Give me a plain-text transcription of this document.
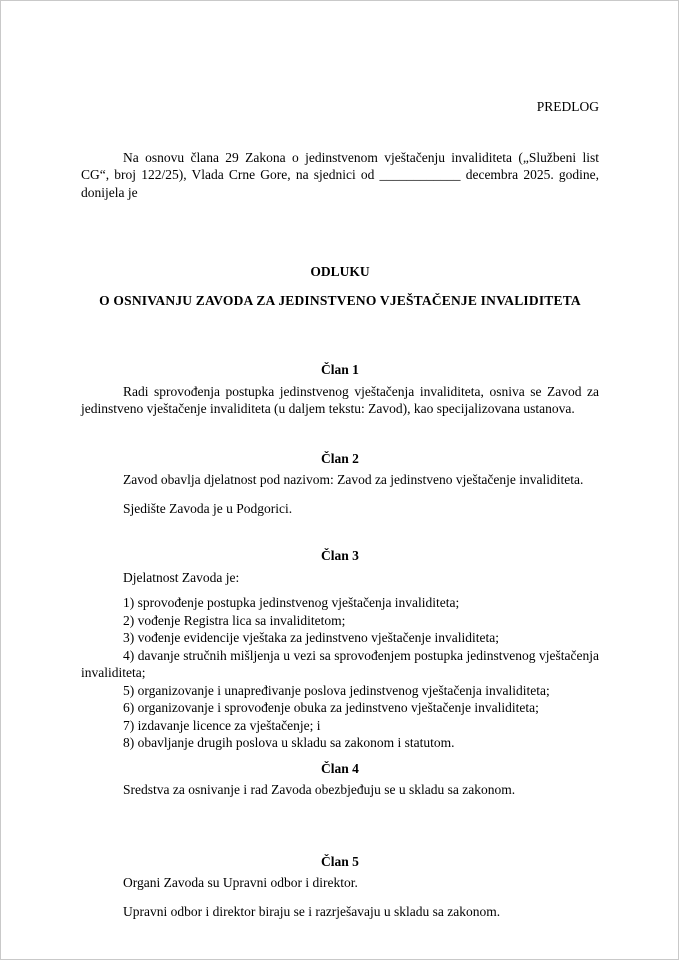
PREDLOG

Na osnovu člana 29 Zakona o jedinstvenom vještačenju invaliditeta („Službeni list CG“, broj 122/25), Vlada Crne Gore, na sjednici od ____________ decembra 2025. godine, donijela je

ODLUKU

O OSNIVANJU ZAVODA ZA JEDINSTVENO VJEŠTAČENJE INVALIDITETA

Član 1

Radi sprovođenja postupka jedinstvenog vještačenja invaliditeta, osniva se Zavod za jedinstveno vještačenje invaliditeta (u daljem tekstu: Zavod), kao specijalizovana ustanova.

Član 2

Zavod obavlja djelatnost pod nazivom: Zavod za jedinstveno vještačenje invaliditeta.

Sjedište Zavoda je u Podgorici.

Član 3

Djelatnost Zavoda je:

1) sprovođenje postupka jedinstvenog vještačenja invaliditeta;

2) vođenje Registra lica sa invaliditetom;

3) vođenje evidencije vještaka za jedinstveno vještačenje invaliditeta;

4) davanje stručnih mišljenja u vezi sa sprovođenjem postupka jedinstvenog vještačenja invaliditeta;

5) organizovanje i unapređivanje poslova jedinstvenog vještačenja invaliditeta;

6) organizovanje i sprovođenje obuka za jedinstveno vještačenje invaliditeta;

7) izdavanje licence za vještačenje; i

8) obavljanje drugih poslova u skladu sa zakonom i statutom.

Član 4

Sredstva za osnivanje i rad Zavoda obezbjeđuju se u skladu sa zakonom.

Član 5

Organi Zavoda su Upravni odbor i direktor.

Upravni odbor i direktor biraju se i razrješavaju u skladu sa zakonom.
